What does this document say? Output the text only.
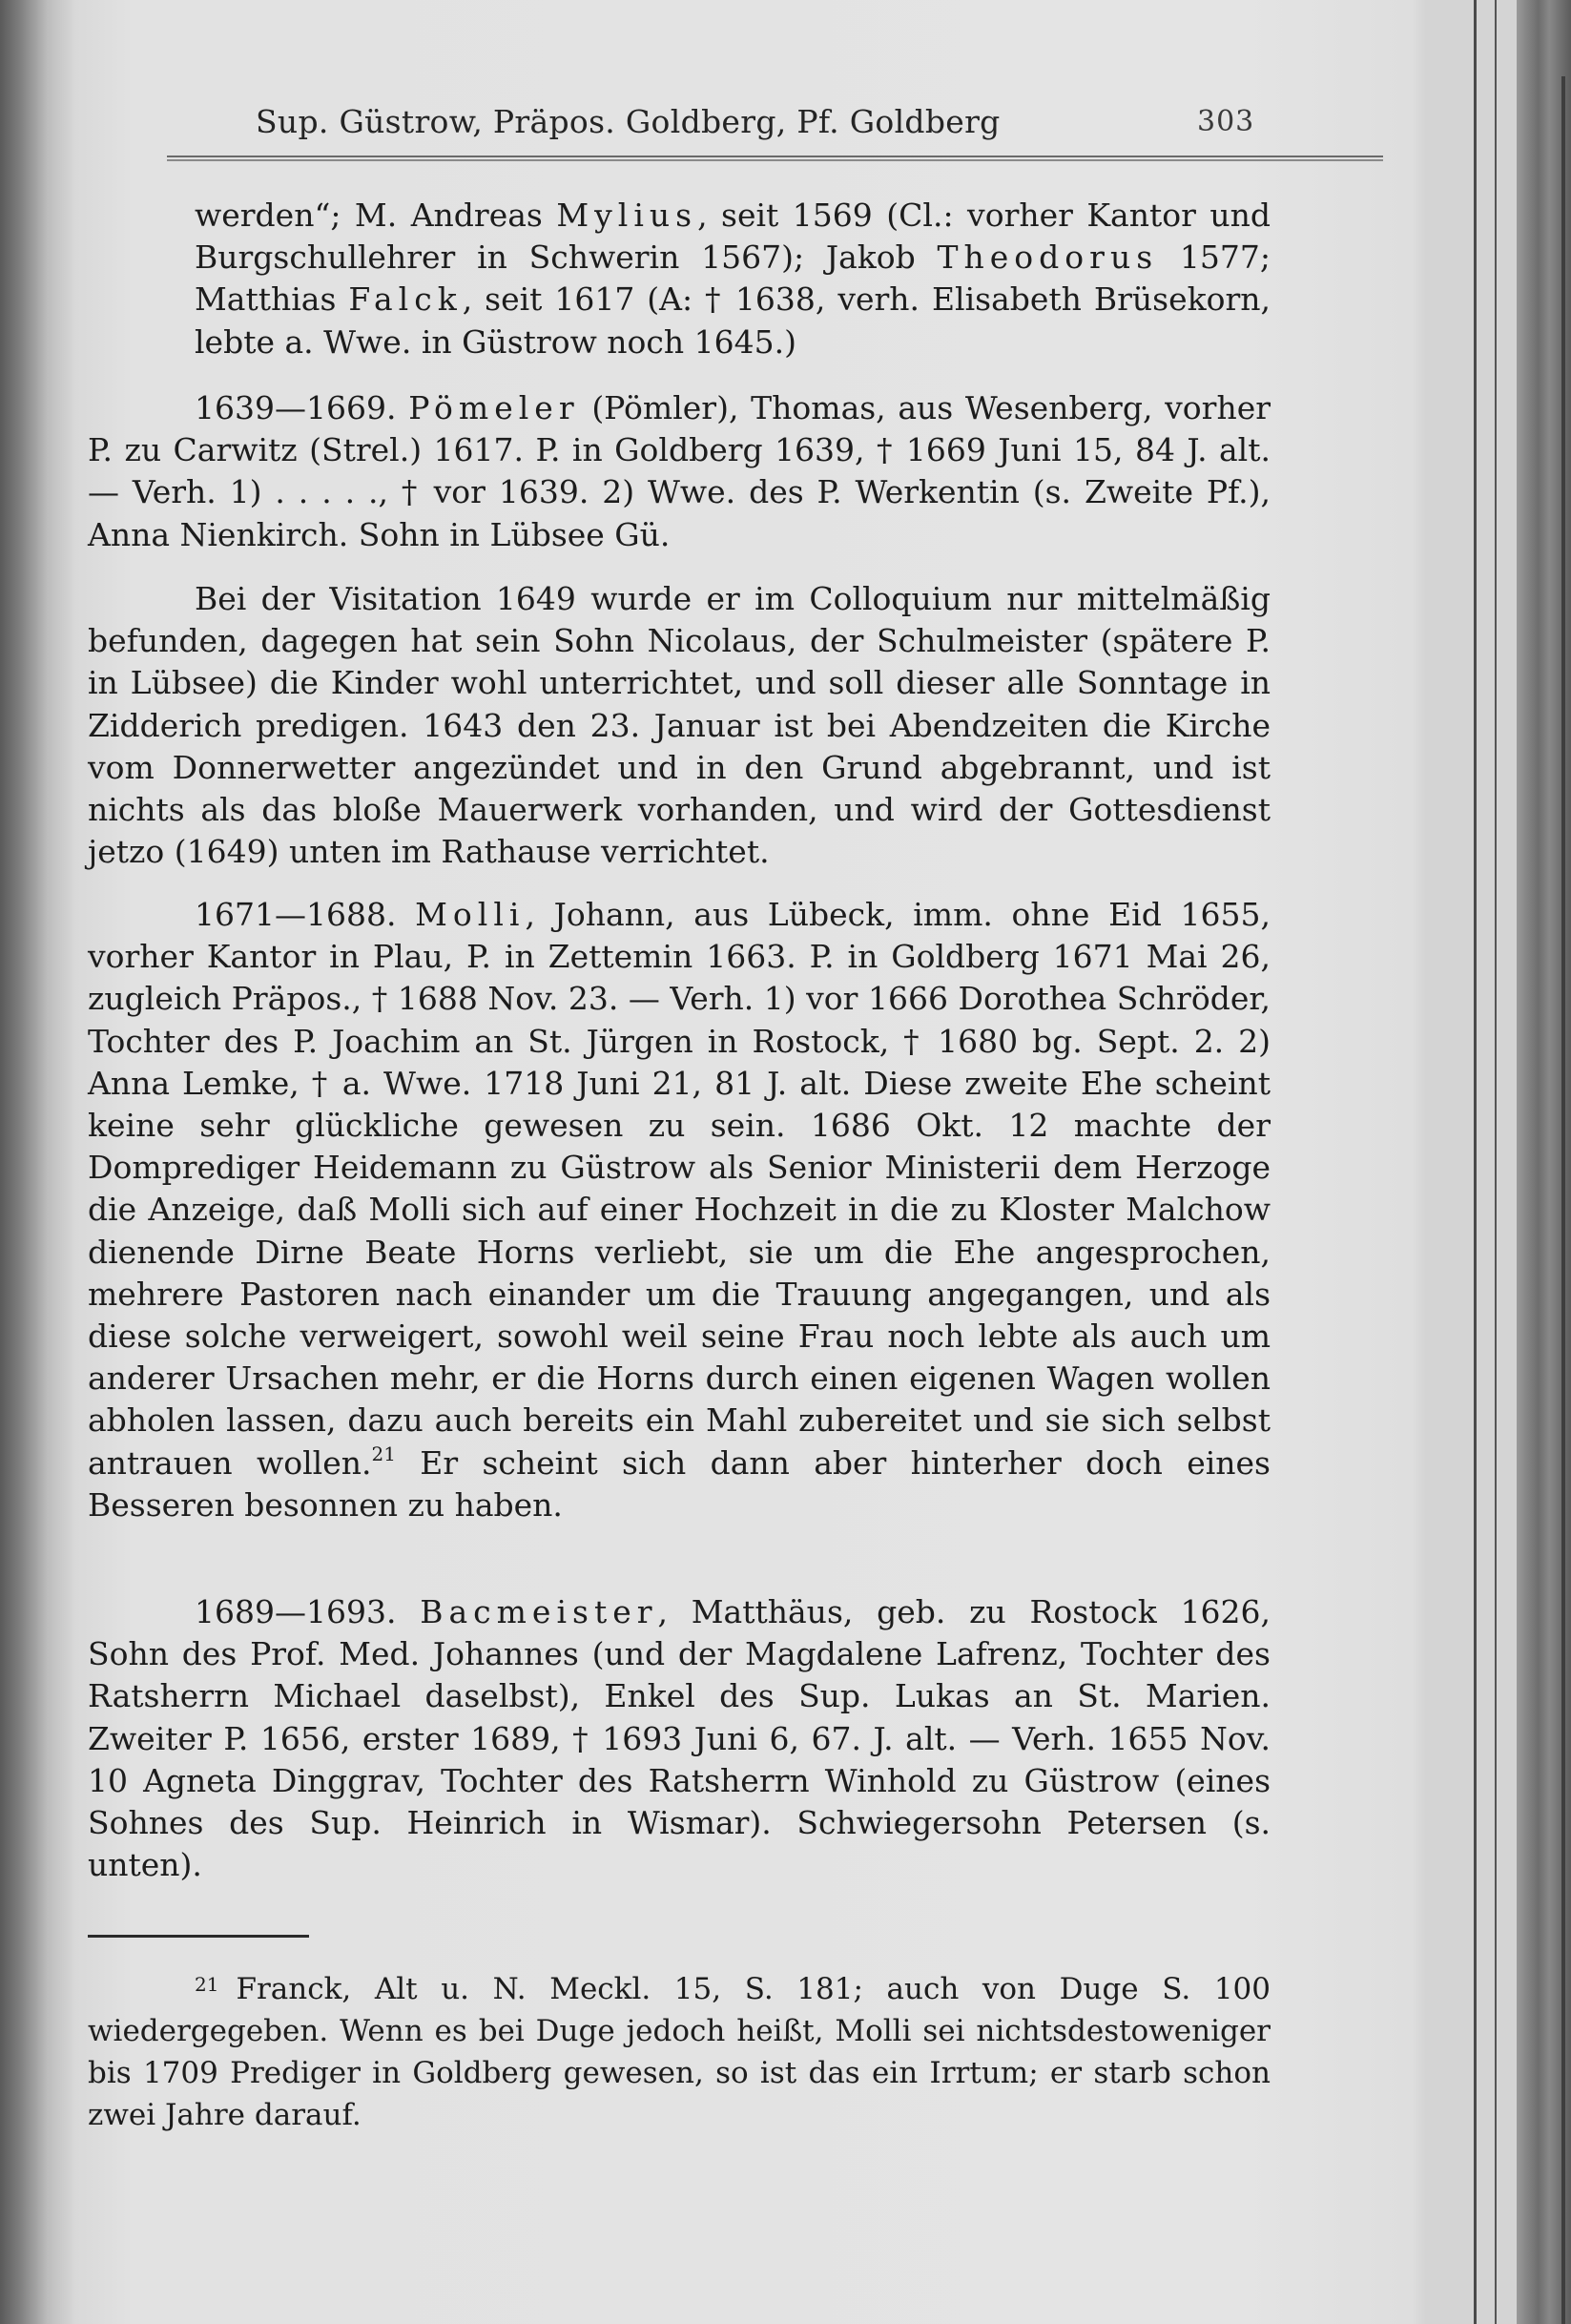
Sup. Güstrow, Präpos. Goldberg, Pf. Goldberg	303

werden“; M. Andreas Mylius, seit 1569 (Cl.: vorher Kantor und Burgschullehrer in Schwerin 1567); Jakob Theodorus 1577; Matthias Falck, seit 1617 (A: † 1638, verh. Elisabeth Brüsekorn, lebte a. Wwe. in Güstrow noch 1645.)

1639—1669. Pömeler (Pömler), Thomas, aus Wesenberg, vorher P. zu Carwitz (Strel.) 1617. P. in Goldberg 1639, † 1669 Juni 15, 84 J. alt. — Verh. 1) . . . . ., † vor 1639. 2) Wwe. des P. Werkentin (s. Zweite Pf.), Anna Nienkirch. Sohn in Lübsee Gü.

Bei der Visitation 1649 wurde er im Colloquium nur mittelmäßig befunden, dagegen hat sein Sohn Nicolaus, der Schulmeister (spätere P. in Lübsee) die Kinder wohl unterrichtet, und soll dieser alle Sonntage in Zidderich predigen. 1643 den 23. Januar ist bei Abendzeiten die Kirche vom Donnerwetter angezündet und in den Grund abgebrannt, und ist nichts als das bloße Mauerwerk vorhanden, und wird der Gottesdienst jetzo (1649) unten im Rathause verrichtet.

1671—1688. Molli, Johann, aus Lübeck, imm. ohne Eid 1655, vorher Kantor in Plau, P. in Zettemin 1663. P. in Goldberg 1671 Mai 26, zugleich Präpos., † 1688 Nov. 23. — Verh. 1) vor 1666 Dorothea Schröder, Tochter des P. Joachim an St. Jürgen in Rostock, † 1680 bg. Sept. 2. 2) Anna Lemke, † a. Wwe. 1718 Juni 21, 81 J. alt. Diese zweite Ehe scheint keine sehr glückliche gewesen zu sein. 1686 Okt. 12 machte der Domprediger Heidemann zu Güstrow als Senior Ministerii dem Herzoge die Anzeige, daß Molli sich auf einer Hochzeit in die zu Kloster Malchow dienende Dirne Beate Horns verliebt, sie um die Ehe angesprochen, mehrere Pastoren nach einander um die Trauung angegangen, und als diese solche verweigert, sowohl weil seine Frau noch lebte als auch um anderer Ursachen mehr, er die Horns durch einen eigenen Wagen wollen abholen lassen, dazu auch bereits ein Mahl zubereitet und sie sich selbst antrauen wollen.$^{21}$ Er scheint sich dann aber hinterher doch eines Besseren besonnen zu haben.

1689—1693. Bacmeister, Matthäus, geb. zu Rostock 1626, Sohn des Prof. Med. Johannes (und der Magdalene Lafrenz, Tochter des Ratsherrn Michael daselbst), Enkel des Sup. Lukas an St. Marien. Zweiter P. 1656, erster 1689, † 1693 Juni 6, 67. J. alt. — Verh. 1655 Nov. 10 Agneta Dinggrav, Tochter des Ratsherrn Winhold zu Güstrow (eines Sohnes des Sup. Heinrich in Wismar). Schwiegersohn Petersen (s. unten).

$^{21}$ Franck, Alt u. N. Meckl. 15, S. 181; auch von Duge S. 100 wiedergegeben. Wenn es bei Duge jedoch heißt, Molli sei nichtsdestoweniger bis 1709 Prediger in Goldberg gewesen, so ist das ein Irrtum; er starb schon zwei Jahre darauf.
